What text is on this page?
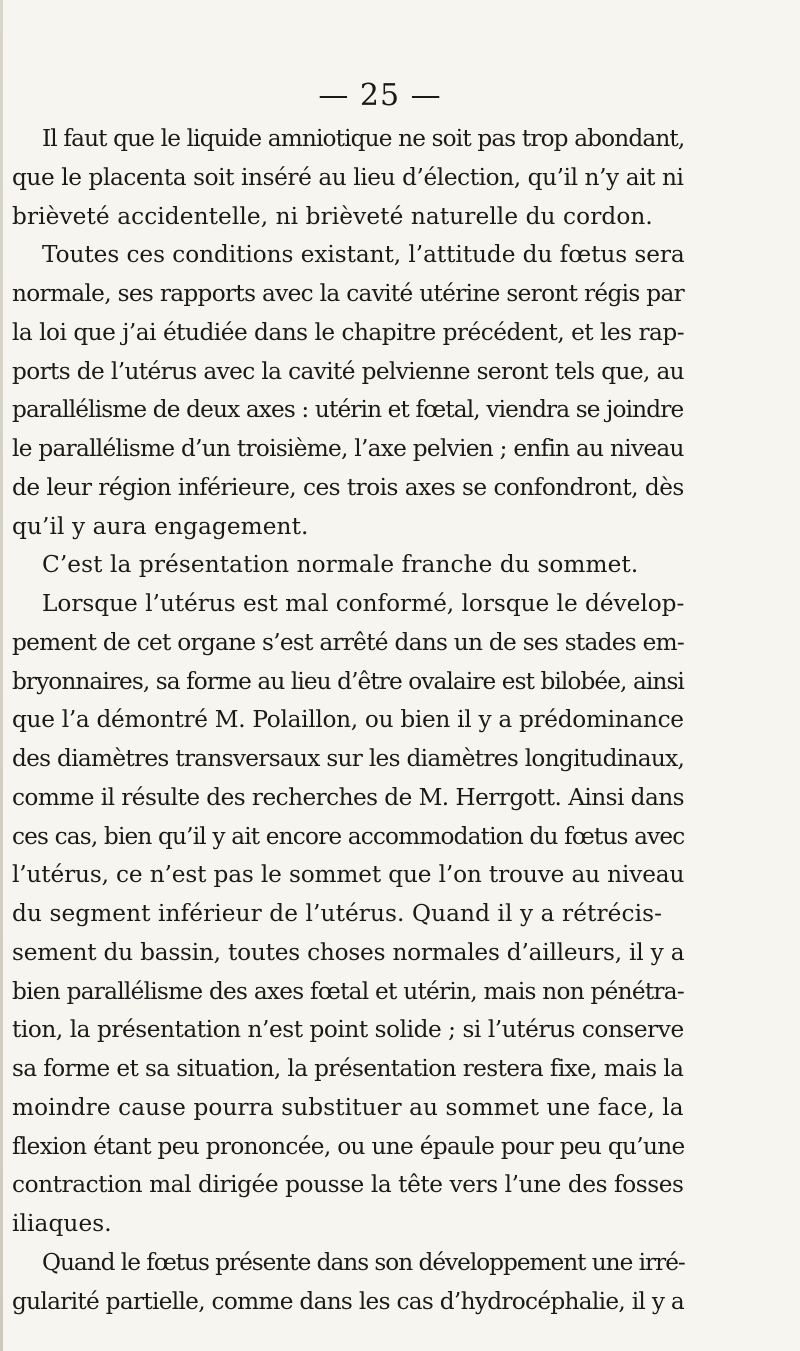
— 25 —
Il faut que le liquide amniotique ne soit pas trop abondant,
que le placenta soit inséré au lieu d’élection, qu’il n’y ait ni
brièveté accidentelle, ni brièveté naturelle du cordon.
Toutes ces conditions existant, l’attitude du fœtus sera
normale, ses rapports avec la cavité utérine seront régis par
la loi que j’ai étudiée dans le chapitre précédent, et les rap-
ports de l’utérus avec la cavité pelvienne seront tels que, au
parallélisme de deux axes : utérin et fœtal, viendra se joindre
le parallélisme d’un troisième, l’axe pelvien ; enfin au niveau
de leur région inférieure, ces trois axes se confondront, dès
qu’il y aura engagement.
C’est la présentation normale franche du sommet.
Lorsque l’utérus est mal conformé, lorsque le dévelop-
pement de cet organe s’est arrêté dans un de ses stades em-
bryonnaires, sa forme au lieu d’être ovalaire est bilobée, ainsi
que l’a démontré M. Polaillon, ou bien il y a prédominance
des diamètres transversaux sur les diamètres longitudinaux,
comme il résulte des recherches de M. Herrgott. Ainsi dans
ces cas, bien qu’il y ait encore accommodation du fœtus avec
l’utérus, ce n’est pas le sommet que l’on trouve au niveau
du segment inférieur de l’utérus. Quand il y a rétrécis-
sement du bassin, toutes choses normales d’ailleurs, il y a
bien parallélisme des axes fœtal et utérin, mais non pénétra-
tion, la présentation n’est point solide ; si l’utérus conserve
sa forme et sa situation, la présentation restera fixe, mais la
moindre cause pourra substituer au sommet une face, la
flexion étant peu prononcée, ou une épaule pour peu qu’une
contraction mal dirigée pousse la tête vers l’une des fosses
iliaques.
Quand le fœtus présente dans son développement une irré-
gularité partielle, comme dans les cas d’hydrocéphalie, il y a
